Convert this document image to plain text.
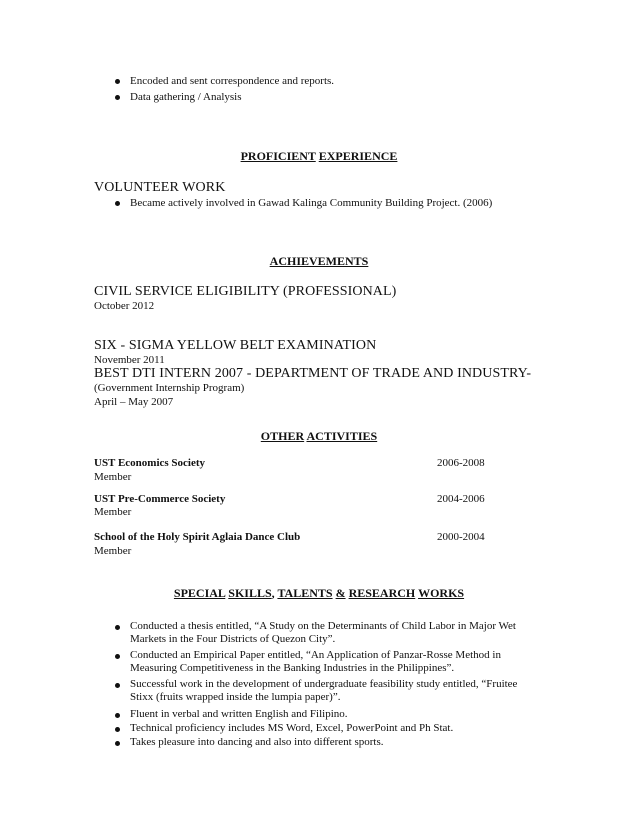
Encoded and sent correspondence and reports.
Data gathering / Analysis
PROFICIENT EXPERIENCE
VOLUNTEER WORK
Became actively involved in Gawad Kalinga Community Building Project. (2006)
ACHIEVEMENTS
CIVIL SERVICE ELIGIBILITY (PROFESSIONAL)
October 2012
SIX - SIGMA YELLOW BELT EXAMINATION
November 2011
BEST DTI INTERN 2007 - DEPARTMENT OF TRADE AND INDUSTRY-
(Government Internship Program)
April – May 2007
OTHER ACTIVITIES
UST Economics Society	2006-2008
Member
UST Pre-Commerce Society	2004-2006
Member
School of the Holy Spirit Aglaia Dance Club	2000-2004
Member
SPECIAL SKILLS, TALENTS & RESEARCH WORKS
Conducted a thesis entitled, “A Study on the Determinants of Child Labor in Major Wet Markets in the Four Districts of Quezon City”.
Conducted an Empirical Paper entitled, “An Application of Panzar-Rosse Method in Measuring Competitiveness in the Banking Industries in the Philippines”.
Successful work in the development of undergraduate feasibility study entitled, “Fruitee Stixx (fruits wrapped inside the lumpia paper)”.
Fluent in verbal and written English and Filipino.
Technical proficiency includes MS Word, Excel, PowerPoint and Ph Stat.
Takes pleasure into dancing and also into different sports.
